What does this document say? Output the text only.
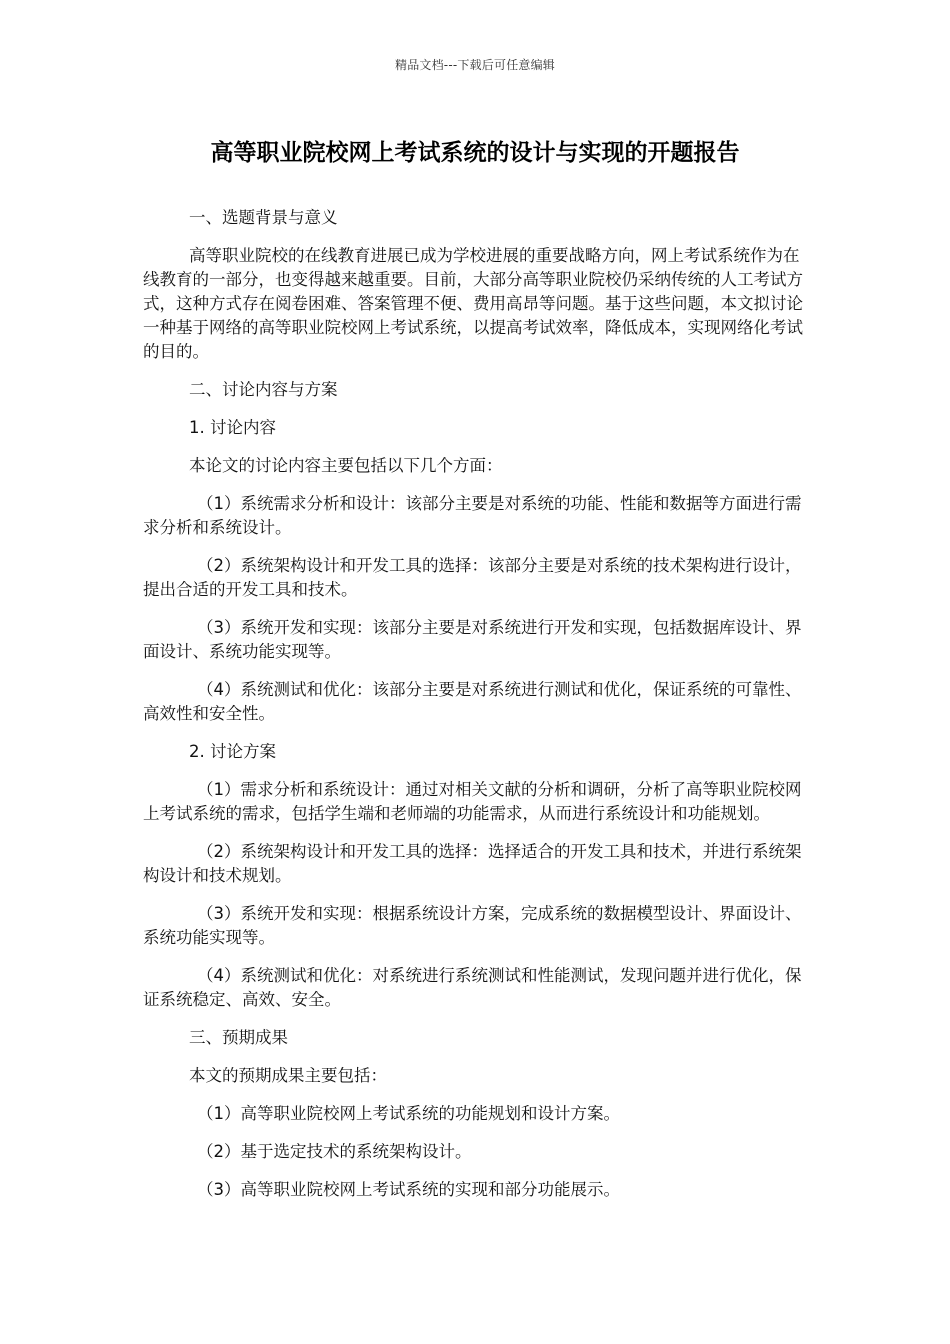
精品文档---下载后可任意编辑
高等职业院校网上考试系统的设计与实现的开题报告

一、选题背景与意义

高等职业院校的在线教育进展已成为学校进展的重要战略方向，网上考试系统作为在线教育的一部分，也变得越来越重要。目前，大部分高等职业院校仍采纳传统的人工考试方式，这种方式存在阅卷困难、答案管理不便、费用高昂等问题。基于这些问题，本文拟讨论一种基于网络的高等职业院校网上考试系统，以提高考试效率，降低成本，实现网络化考试的目的。

二、讨论内容与方案

1. 讨论内容

本论文的讨论内容主要包括以下几个方面：

（1）系统需求分析和设计：该部分主要是对系统的功能、性能和数据等方面进行需求分析和系统设计。

（2）系统架构设计和开发工具的选择：该部分主要是对系统的技术架构进行设计，提出合适的开发工具和技术。

（3）系统开发和实现：该部分主要是对系统进行开发和实现，包括数据库设计、界面设计、系统功能实现等。

（4）系统测试和优化：该部分主要是对系统进行测试和优化，保证系统的可靠性、高效性和安全性。

2. 讨论方案

（1）需求分析和系统设计：通过对相关文献的分析和调研，分析了高等职业院校网上考试系统的需求，包括学生端和老师端的功能需求，从而进行系统设计和功能规划。

（2）系统架构设计和开发工具的选择：选择适合的开发工具和技术，并进行系统架构设计和技术规划。

（3）系统开发和实现：根据系统设计方案，完成系统的数据模型设计、界面设计、系统功能实现等。

（4）系统测试和优化：对系统进行系统测试和性能测试，发现问题并进行优化，保证系统稳定、高效、安全。

三、预期成果

本文的预期成果主要包括：

（1）高等职业院校网上考试系统的功能规划和设计方案。

（2）基于选定技术的系统架构设计。

（3）高等职业院校网上考试系统的实现和部分功能展示。
